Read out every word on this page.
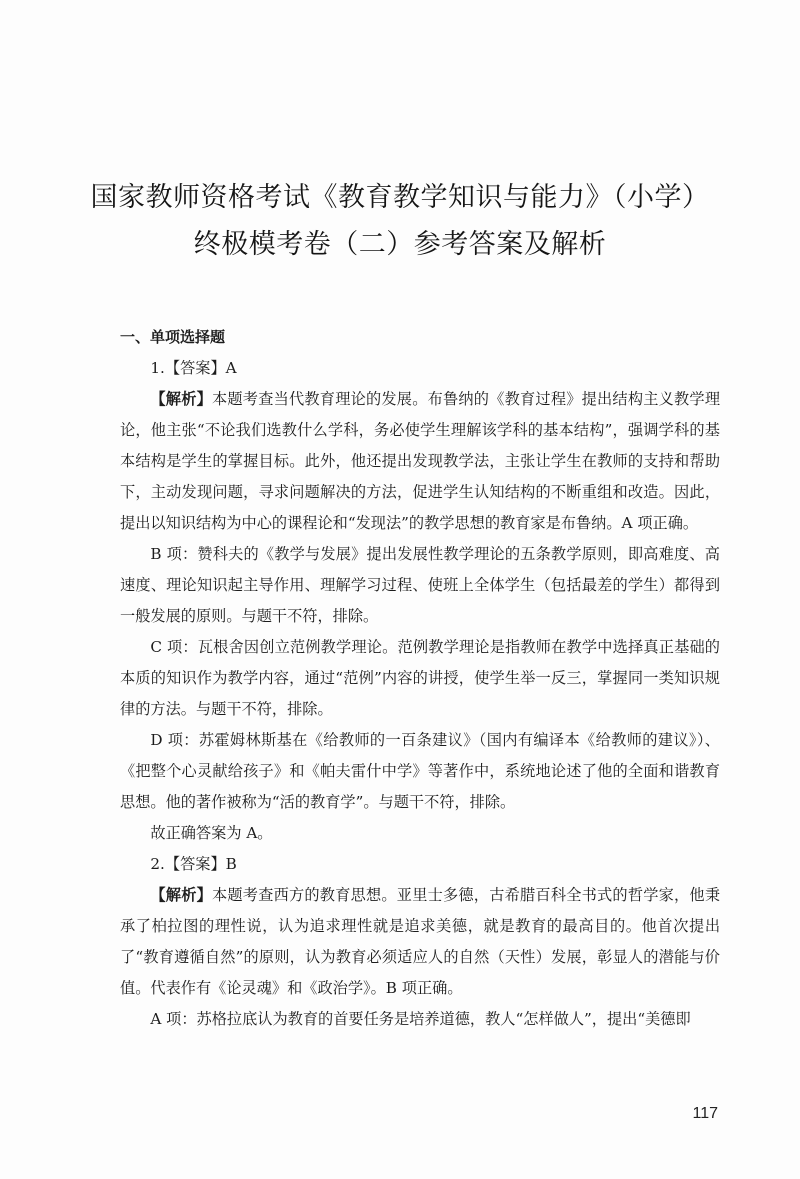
国家教师资格考试《教育教学知识与能力》（小学）
终极模考卷（二）参考答案及解析

一、单项选择题

1.【答案】A

【解析】本题考查当代教育理论的发展。布鲁纳的《教育过程》提出结构主义教学理论，他主张“不论我们选教什么学科，务必使学生理解该学科的基本结构”，强调学科的基本结构是学生的掌握目标。此外，他还提出发现教学法，主张让学生在教师的支持和帮助下，主动发现问题，寻求问题解决的方法，促进学生认知结构的不断重组和改造。因此，提出以知识结构为中心的课程论和“发现法”的教学思想的教育家是布鲁纳。A 项正确。

B 项：赞科夫的《教学与发展》提出发展性教学理论的五条教学原则，即高难度、高速度、理论知识起主导作用、理解学习过程、使班上全体学生（包括最差的学生）都得到一般发展的原则。与题干不符，排除。

C 项：瓦根舍因创立范例教学理论。范例教学理论是指教师在教学中选择真正基础的本质的知识作为教学内容，通过“范例”内容的讲授，使学生举一反三，掌握同一类知识规律的方法。与题干不符，排除。

D 项：苏霍姆林斯基在《给教师的一百条建议》（国内有编译本《给教师的建议》）、《把整个心灵献给孩子》和《帕夫雷什中学》等著作中，系统地论述了他的全面和谐教育思想。他的著作被称为“活的教育学”。与题干不符，排除。

故正确答案为 A。

2.【答案】B

【解析】本题考查西方的教育思想。亚里士多德，古希腊百科全书式的哲学家，他秉承了柏拉图的理性说，认为追求理性就是追求美德，就是教育的最高目的。他首次提出了“教育遵循自然”的原则，认为教育必须适应人的自然（天性）发展，彰显人的潜能与价值。代表作有《论灵魂》和《政治学》。B 项正确。

A 项：苏格拉底认为教育的首要任务是培养道德，教人“怎样做人”，提出“美德即

117
